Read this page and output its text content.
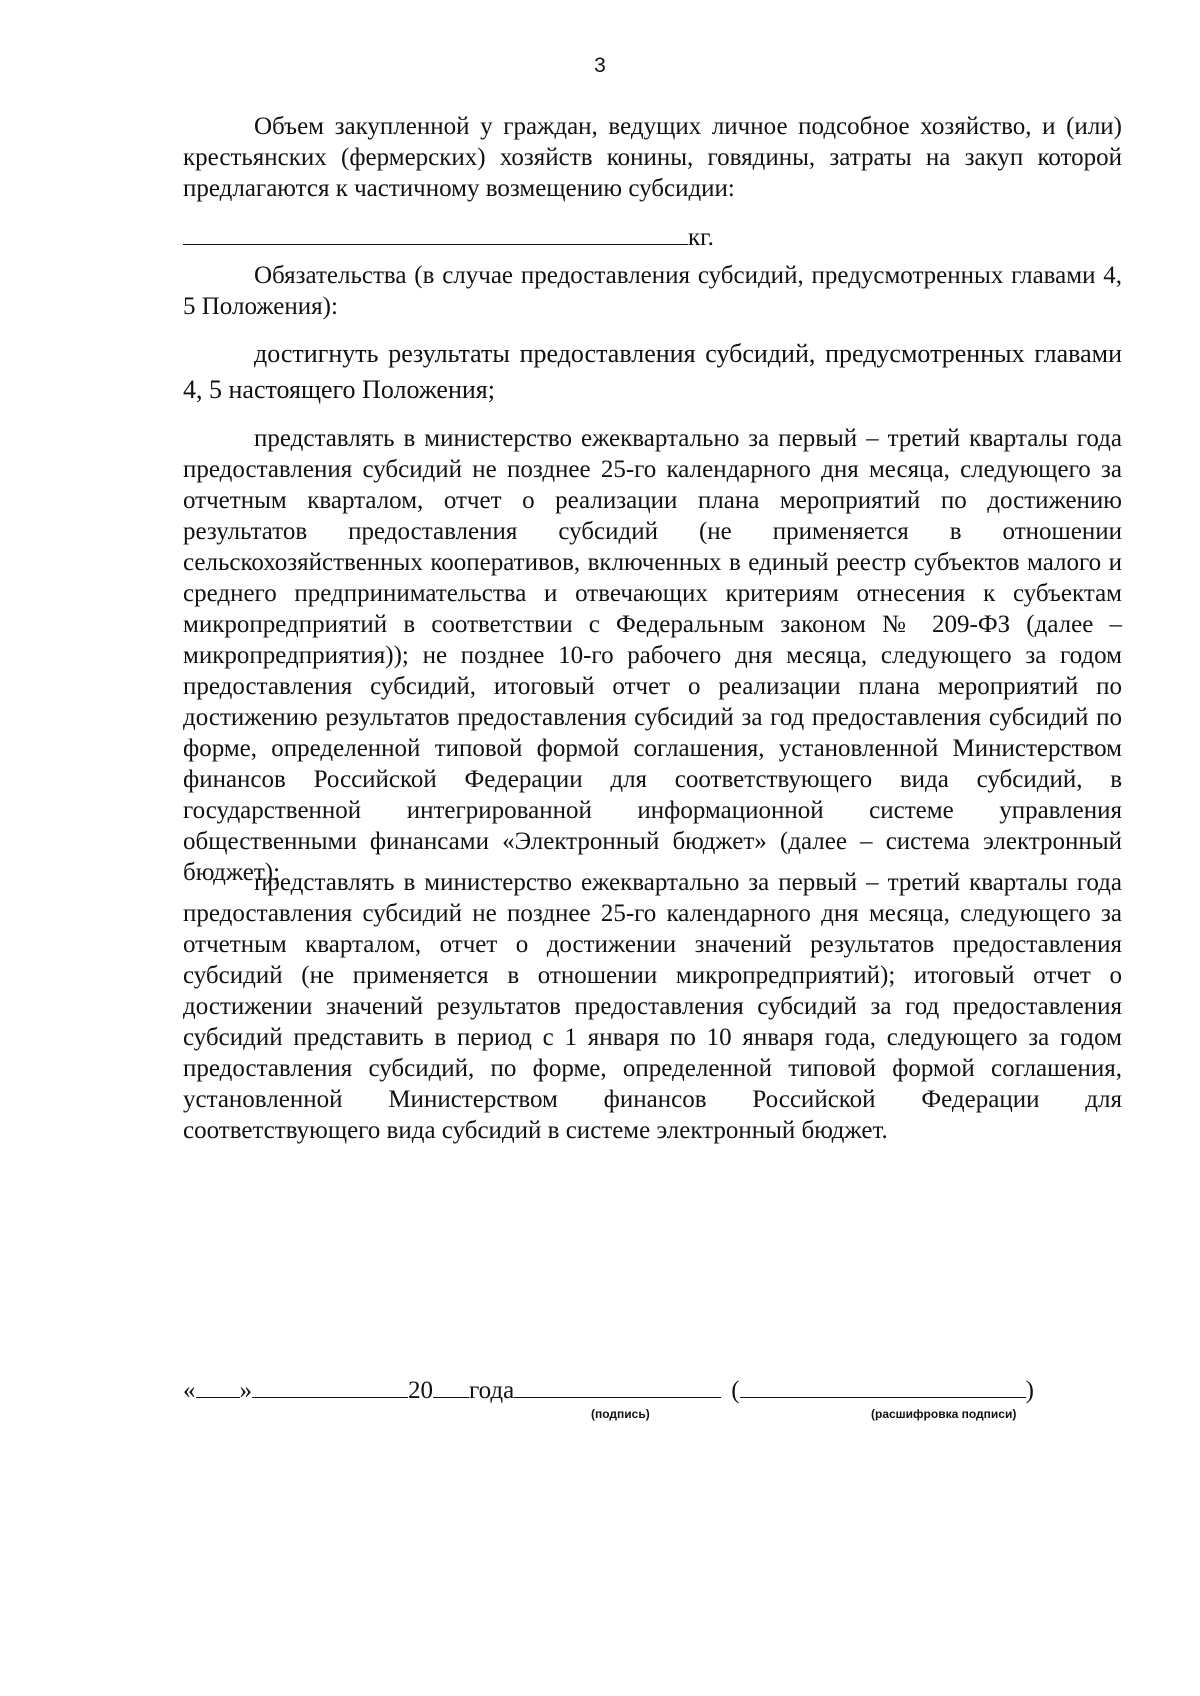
3

Объем закупленной у граждан, ведущих личное подсобное хозяйство, и (или) крестьянских (фермерских) хозяйств конины, говядины, затраты на закуп которой предлагаются к частичному возмещению субсидии:

кг.

Обязательства (в случае предоставления субсидий, предусмотренных главами 4, 5 Положения):

достигнуть результаты предоставления субсидий, предусмотренных главами 4, 5 настоящего Положения;

представлять в министерство ежеквартально за первый – третий кварталы года предоставления субсидий не позднее 25-го календарного дня месяца, следующего за отчетным кварталом, отчет о реализации плана мероприятий по достижению результатов предоставления субсидий (не применяется в отношении сельскохозяйственных кооперативов, включенных в единый реестр субъектов малого и среднего предпринимательства и отвечающих критериям отнесения к субъектам микропредприятий в соответствии с Федеральным законом № 209-ФЗ (далее – микропредприятия)); не позднее 10-го рабочего дня месяца, следующего за годом предоставления субсидий, итоговый отчет о реализации плана мероприятий по достижению результатов предоставления субсидий за год предоставления субсидий по форме, определенной типовой формой соглашения, установленной Министерством финансов Российской Федерации для соответствующего вида субсидий, в государственной интегрированной информационной системе управления общественными финансами «Электронный бюджет» (далее – система электронный бюджет);

представлять в министерство ежеквартально за первый – третий кварталы года предоставления субсидий не позднее 25-го календарного дня месяца, следующего за отчетным кварталом, отчет о достижении значений результатов предоставления субсидий (не применяется в отношении микропредприятий); итоговый отчет о достижении значений результатов предоставления субсидий за год предоставления субсидий представить в период с 1 января по 10 января года, следующего за годом предоставления субсидий, по форме, определенной типовой формой соглашения, установленной Министерством финансов Российской Федерации для соответствующего вида субсидий в системе электронный бюджет.

« »	20 года	(	)
(подпись)	(расшифровка подписи)
